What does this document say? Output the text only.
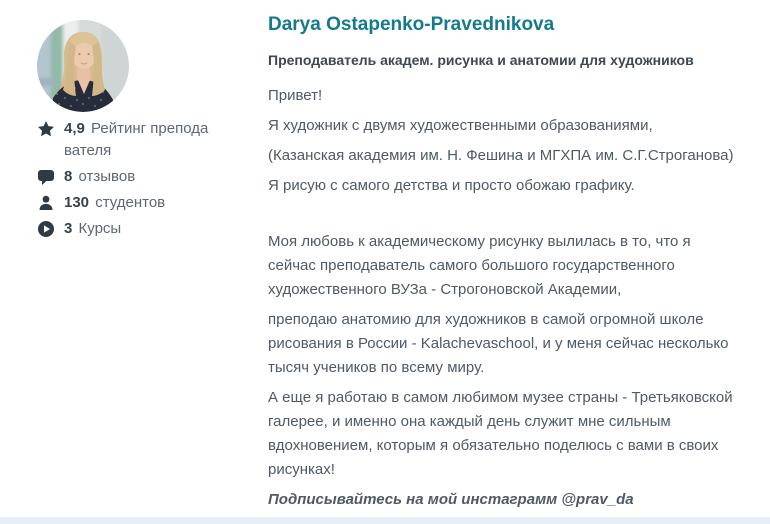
4,9 Рейтинг преподавателя
8 отзывов
130 студентов
3 Курсы
Darya Ostapenko-Pravednikova
Преподаватель академ. рисунка и анатомии для художников

Привет!

Я художник с двумя художественными образованиями,

(Казанская академия им. Н. Фешина и МГХПА им. С.Г.Строганова)

Я рисую с самого детства и просто обожаю графику.

Моя любовь к академическому рисунку вылилась в то, что я сейчас преподаватель самого большого государственного художественного ВУЗа - Строгоновской Академии,

преподаю анатомию для художников в самой огромной школе рисования в России - Kalachevaschool, и у меня сейчас несколько тысяч учеников по всему миру.

А еще я работаю в самом любимом музее страны - Третьяковской галерее, и именно она каждый день служит мне сильным вдохновением, которым я обязательно поделюсь с вами в своих рисунках!

Подписывайтесь на мой инстаграмм @prav_da
